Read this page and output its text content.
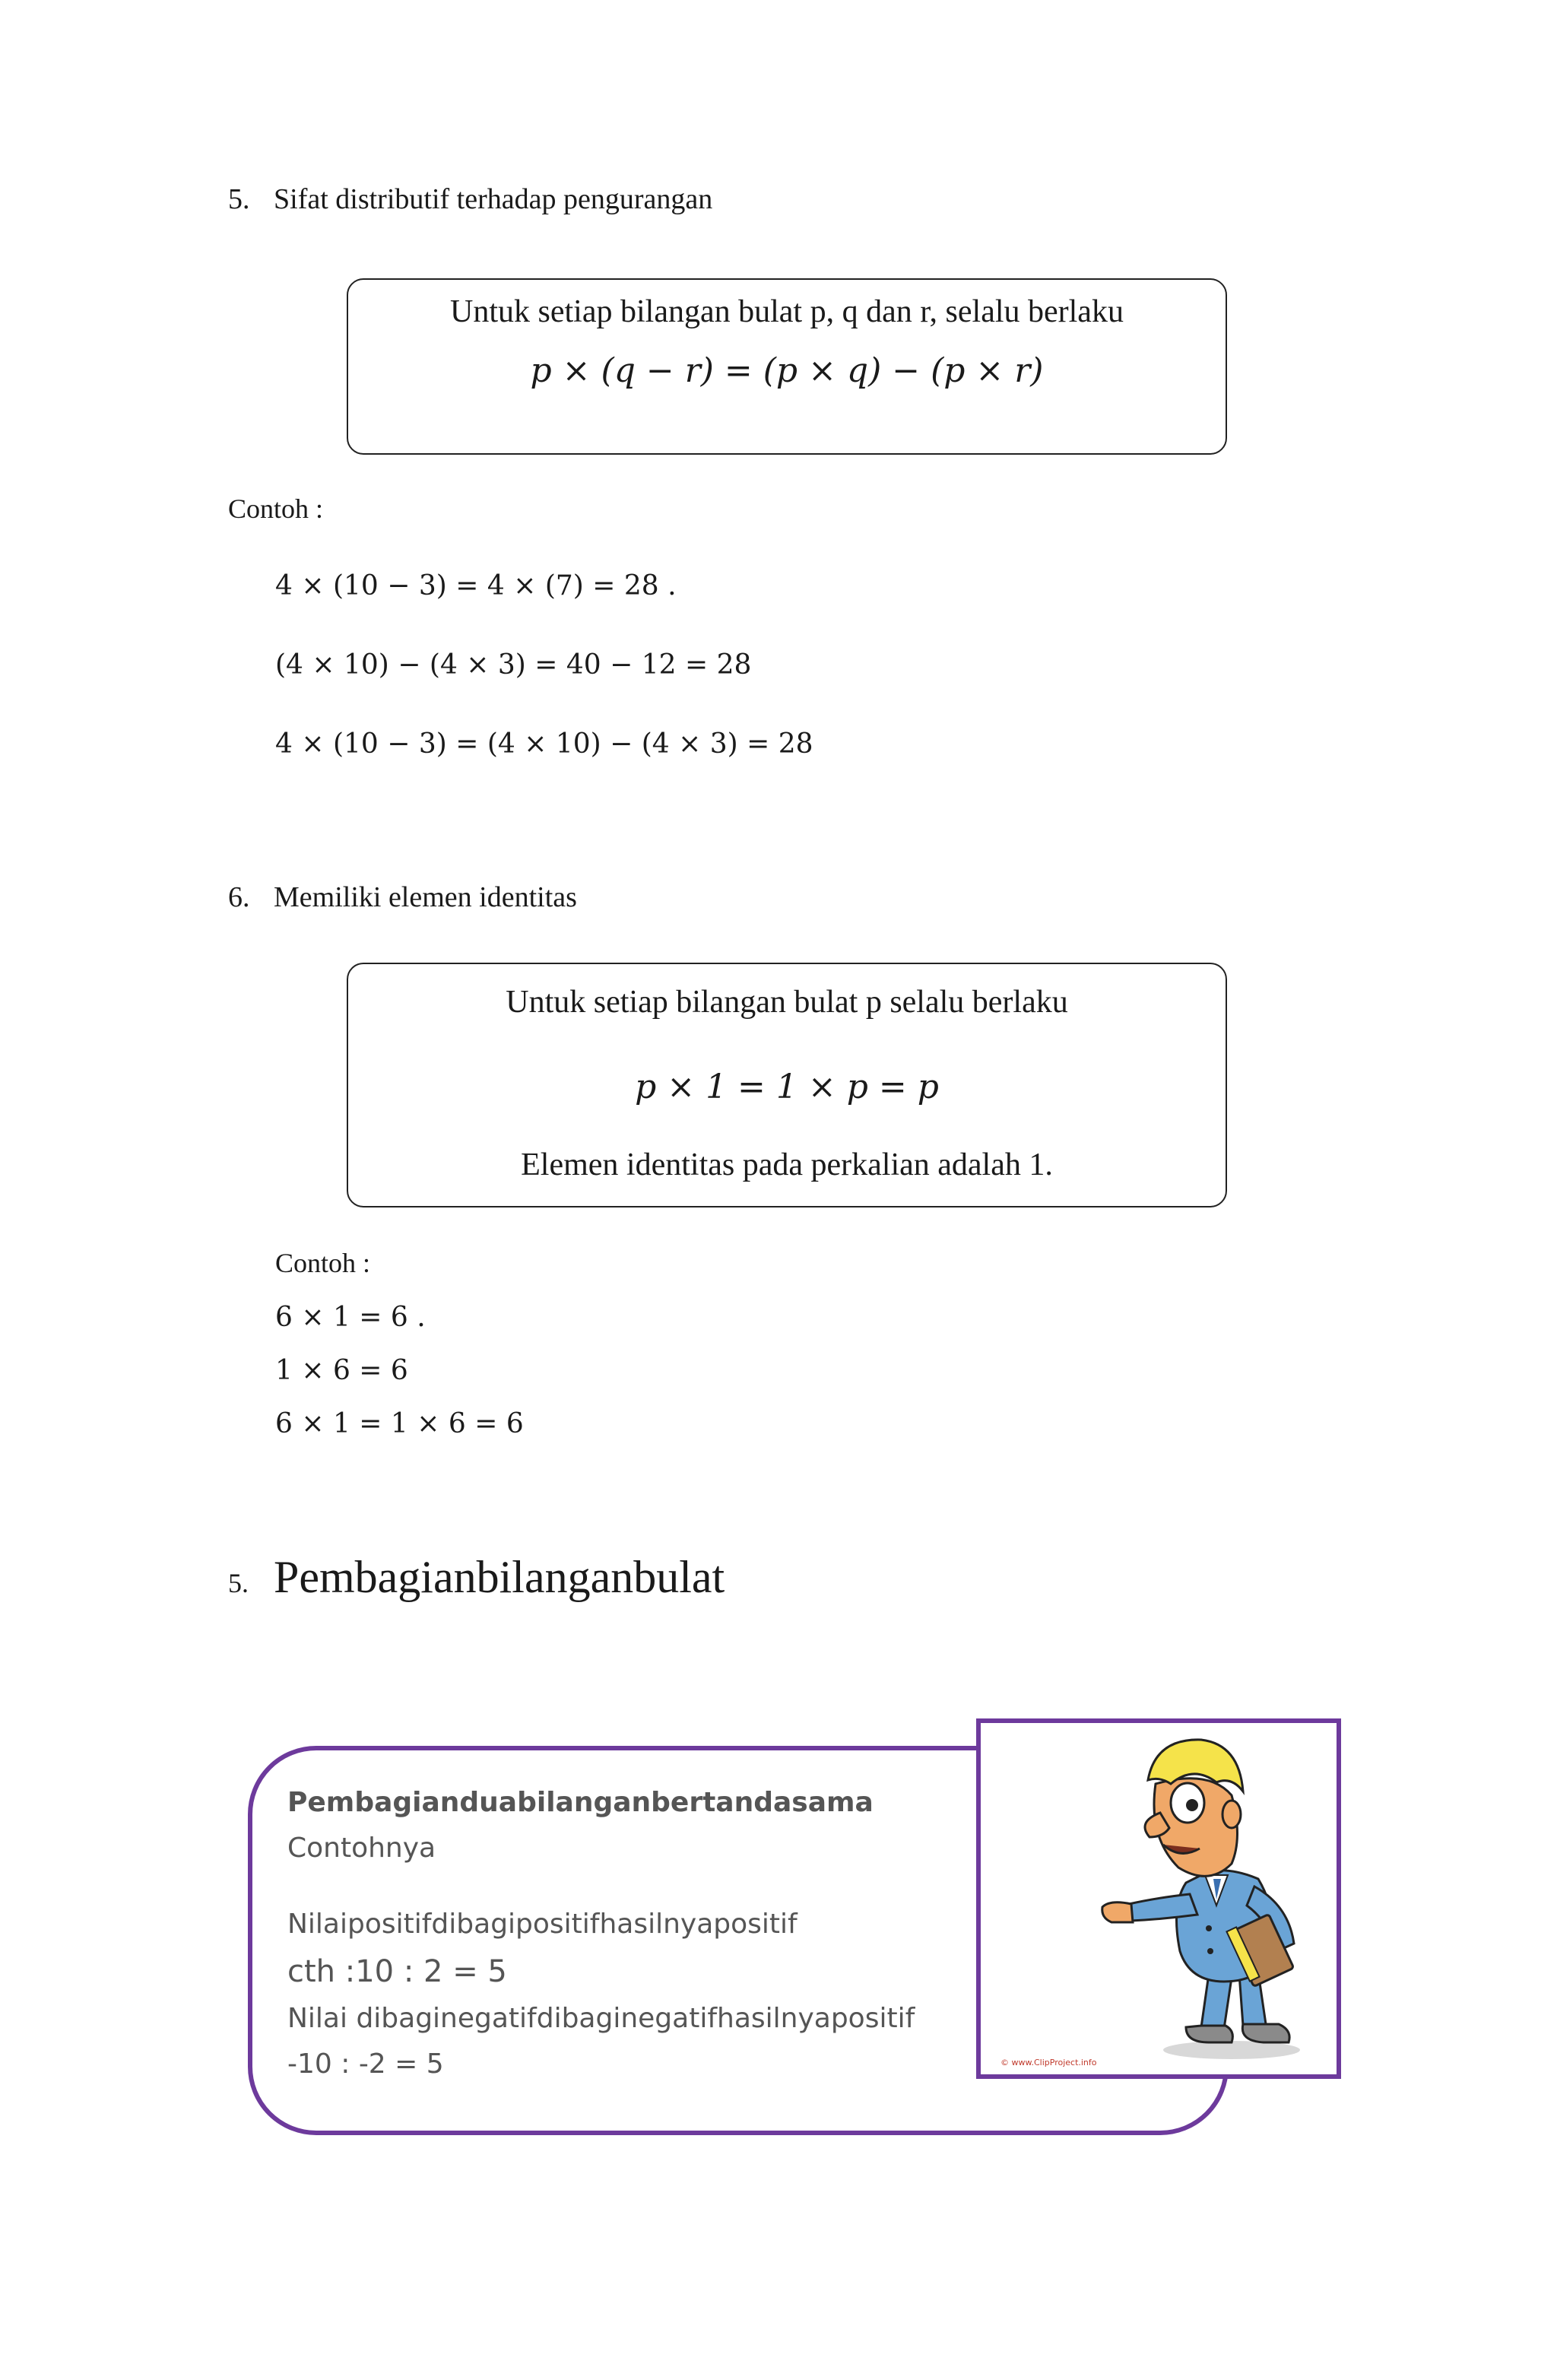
5. Sifat distributif terhadap pengurangan
Untuk setiap bilangan bulat p, q dan r, selalu berlaku
p × (q − r) = (p × q) − (p × r)
Contoh :
4 × (10 − 3) = 4 × (7) = 28 .
(4 × 10) − (4 × 3) = 40 − 12 = 28
4 × (10 − 3) = (4 × 10) − (4 × 3) = 28
6. Memiliki elemen identitas
Untuk setiap bilangan bulat p selalu berlaku
p × 1 = 1 × p = p
Elemen identitas pada perkalian adalah 1.
Contoh :
6 × 1 = 6 .
1 × 6 = 6
6 × 1 = 1 × 6 = 6
5. Pembagianbilanganbulat
Pembagianduabilanganbertandasama
Contohnya
Nilaipositifdibagipositifhasilnyapositif
cth :10 : 2 = 5
Nilai dibaginegatifdibaginegatifhasilnyapositif
-10 : -2 = 5	© www.ClipProject.info
